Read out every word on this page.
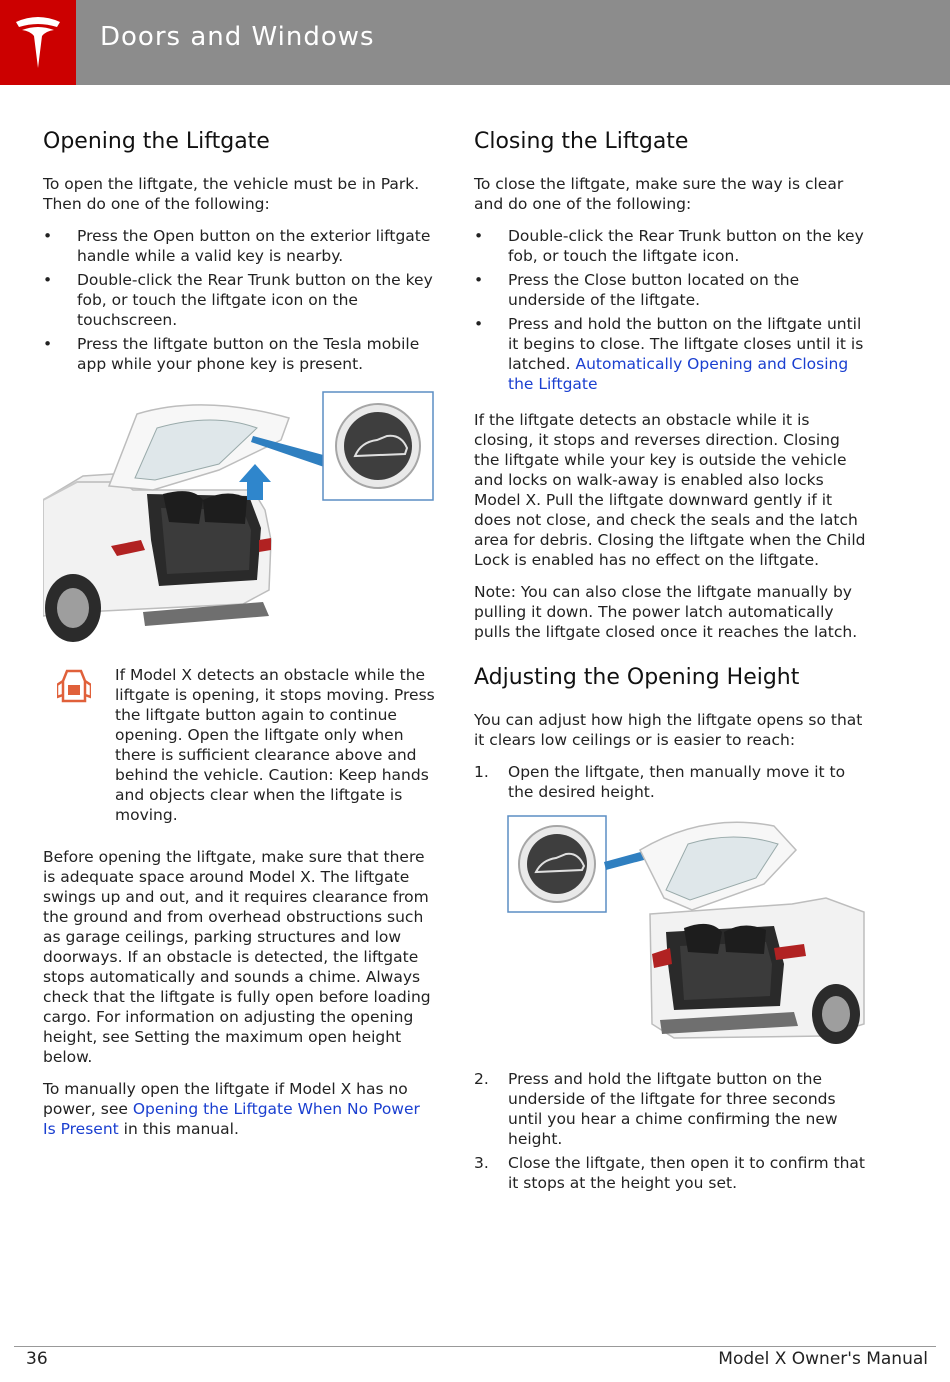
Doors and Windows
Opening the Liftgate

To open the liftgate, the vehicle must be in Park. Then do one of the following:

• Press the Open button on the exterior liftgate handle while a valid key is nearby.
• Double-click the Rear Trunk button on the key fob, or touch the liftgate icon on the touchscreen.
• Press the liftgate button on the Tesla mobile app while your phone key is present.
If Model X detects an obstacle while the liftgate is opening, it stops moving. Press the liftgate button again to continue opening. Open the liftgate only when there is sufficient clearance above and behind the vehicle. Caution: Keep hands and objects clear when the liftgate is moving.

Before opening the liftgate, make sure that there is adequate space around Model X. The liftgate swings up and out, and it requires clearance from the ground and from overhead obstructions such as garage ceilings, parking structures and low doorways. If an obstacle is detected, the liftgate stops automatically and sounds a chime. Always check that the liftgate is fully open before loading cargo. For information on adjusting the opening height, see Setting the maximum open height below.

To manually open the liftgate if Model X has no power, see Opening the Liftgate When No Power Is Present in this manual.

Closing the Liftgate

To close the liftgate, make sure the way is clear and do one of the following:

• Double-click the Rear Trunk button on the key fob, or touch the liftgate icon.
• Press the Close button located on the underside of the liftgate.
• Press and hold the button on the liftgate until it begins to close. The liftgate closes until it is latched. Automatically Opening and Closing the Liftgate

If the liftgate detects an obstacle while it is closing, it stops and reverses direction. Closing the liftgate while your key is outside the vehicle and locks on walk-away is enabled also locks Model X. Pull the liftgate downward gently if it does not close, and check the seals and the latch area for debris. Closing the liftgate when the Child Lock is enabled has no effect on the liftgate.

Note: You can also close the liftgate manually by pulling it down. The power latch automatically pulls the liftgate closed once it reaches the latch.

Adjusting the Opening Height

You can adjust how high the liftgate opens so that it clears low ceilings or is easier to reach:

1. Open the liftgate, then manually move it to the desired height.
2. Press and hold the liftgate button on the underside of the liftgate for three seconds until you hear a chime confirming the new height.
3. Close the liftgate, then open it to confirm that it stops at the height you set.
36	Model X Owner's Manual
